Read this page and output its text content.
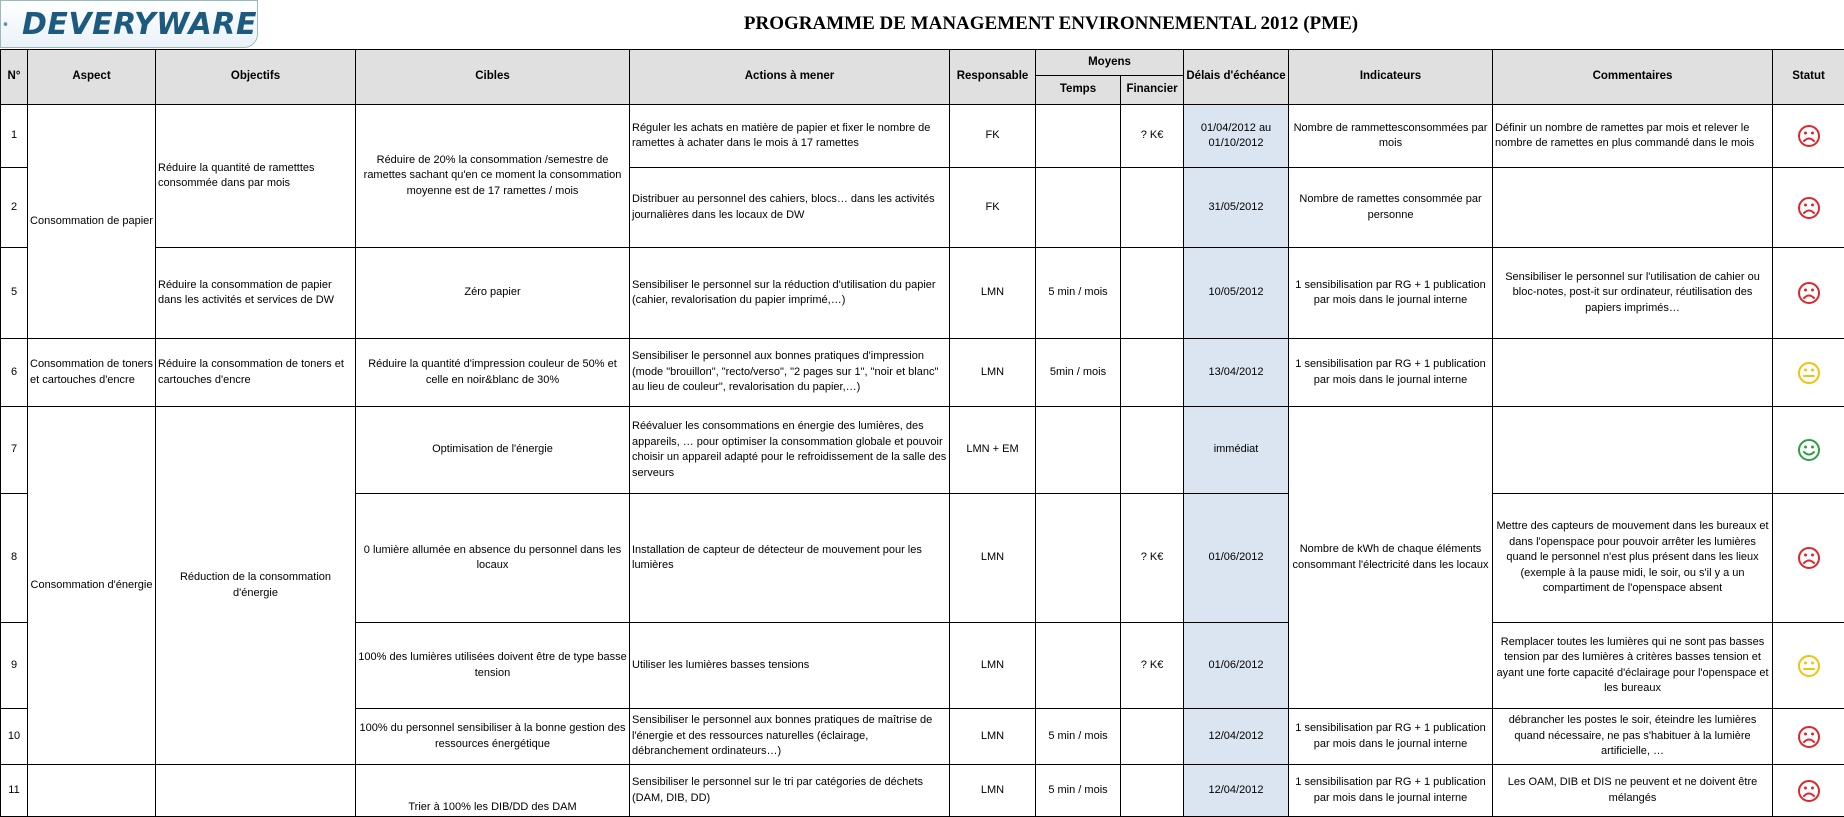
DEVERYWARE	PROGRAMME DE MANAGEMENT ENVIRONNEMENTAL 2012 (PME)
N°	Aspect	Objectifs	Cibles	Actions à mener	Responsable	Moyens		Délais d'échéance	Indicateurs	Commentaires	Statut
						Temps	Financier				
1	Consommation de papier	Réduire la quantité de rametttes consommée dans par mois	Réduire de 20% la consommation /semestre de ramettes sachant qu'en ce moment la consommation moyenne est de 17 ramettes / mois	Réguler les achats en matière de papier et fixer le nombre de ramettes à achater dans le mois à 17 ramettes	FK		? K€	01/04/2012 au 01/10/2012	Nombre de rammettesconsommées par mois	Définir un nombre de ramettes par mois et relever le nombre de ramettes en plus commandé dans le mois	
2				Distribuer au personnel des cahiers, blocs… dans les activités journalières dans les locaux de DW	FK			31/05/2012	Nombre de ramettes consommée par personne		
5		Réduire la consommation de papier dans les activités et services de DW	Zéro papier	Sensibiliser le personnel sur la réduction d'utilisation du papier (cahier, revalorisation du papier imprimé,…)	LMN	5 min / mois		10/05/2012	1 sensibilisation par RG + 1 publication par mois dans le journal interne	Sensibiliser le personnel sur l'utilisation de cahier ou bloc-notes, post-it sur ordinateur, réutilisation des papiers imprimés…	
6	Consommation de toners et cartouches d'encre	Réduire la consommation de toners et cartouches d'encre	Réduire la quantité d'impression couleur de 50% et celle en noir&blanc de 30%	Sensibiliser le personnel aux bonnes pratiques d'impression (mode "brouillon", "recto/verso", "2 pages sur 1", "noir et blanc" au lieu de couleur", revalorisation du papier,…)	LMN	5min / mois		13/04/2012	1 sensibilisation par RG + 1 publication par mois dans le journal interne		
7	Consommation d'énergie	Réduction de la consommation d'énergie	Optimisation de l'énergie	Réévaluer les consommations en énergie des lumières, des appareils, … pour optimiser la consommation globale et pouvoir choisir un appareil adapté pour le refroidissement de la salle des serveurs	LMN + EM			immédiat	Nombre de kWh de chaque éléments consommant l'électricité dans les locaux		
8			0 lumière allumée en absence du personnel dans les locaux	Installation de capteur de détecteur de mouvement pour les lumières	LMN		? K€	01/06/2012		Mettre des capteurs de mouvement dans les bureaux et dans l'openspace pour pouvoir arrêter les lumières quand le personnel n'est plus présent dans les lieux (exemple à la pause midi, le soir, ou s'il y a un compartiment de l'openspace absent	
9			100% des lumières utilisées doivent être de type basse tension	Utiliser les lumières basses tensions	LMN		? K€	01/06/2012		Remplacer toutes les lumières qui ne sont pas basses tension par des lumières à critères basses tension et ayant une forte capacité d'éclairage pour l'openspace et les bureaux	
10			100% du personnel sensibiliser à la bonne gestion des ressources énergétique	Sensibiliser le personnel aux bonnes pratiques de maîtrise de l'énergie et des ressources naturelles (éclairage, débranchement ordinateurs…)	LMN	5 min / mois		12/04/2012	1 sensibilisation par RG + 1 publication par mois dans le journal interne	débrancher les postes le soir, éteindre les lumières quand nécessaire, ne pas s'habituer à la lumière artificielle, …	
11			Trier à 100% les DIB/DD des DAM	Sensibiliser le personnel sur le tri par catégories de déchets (DAM, DIB, DD)	LMN	5 min / mois		12/04/2012	1 sensibilisation par RG + 1 publication par mois dans le journal interne	Les OAM, DIB et DIS ne peuvent et ne doivent être mélangés	
